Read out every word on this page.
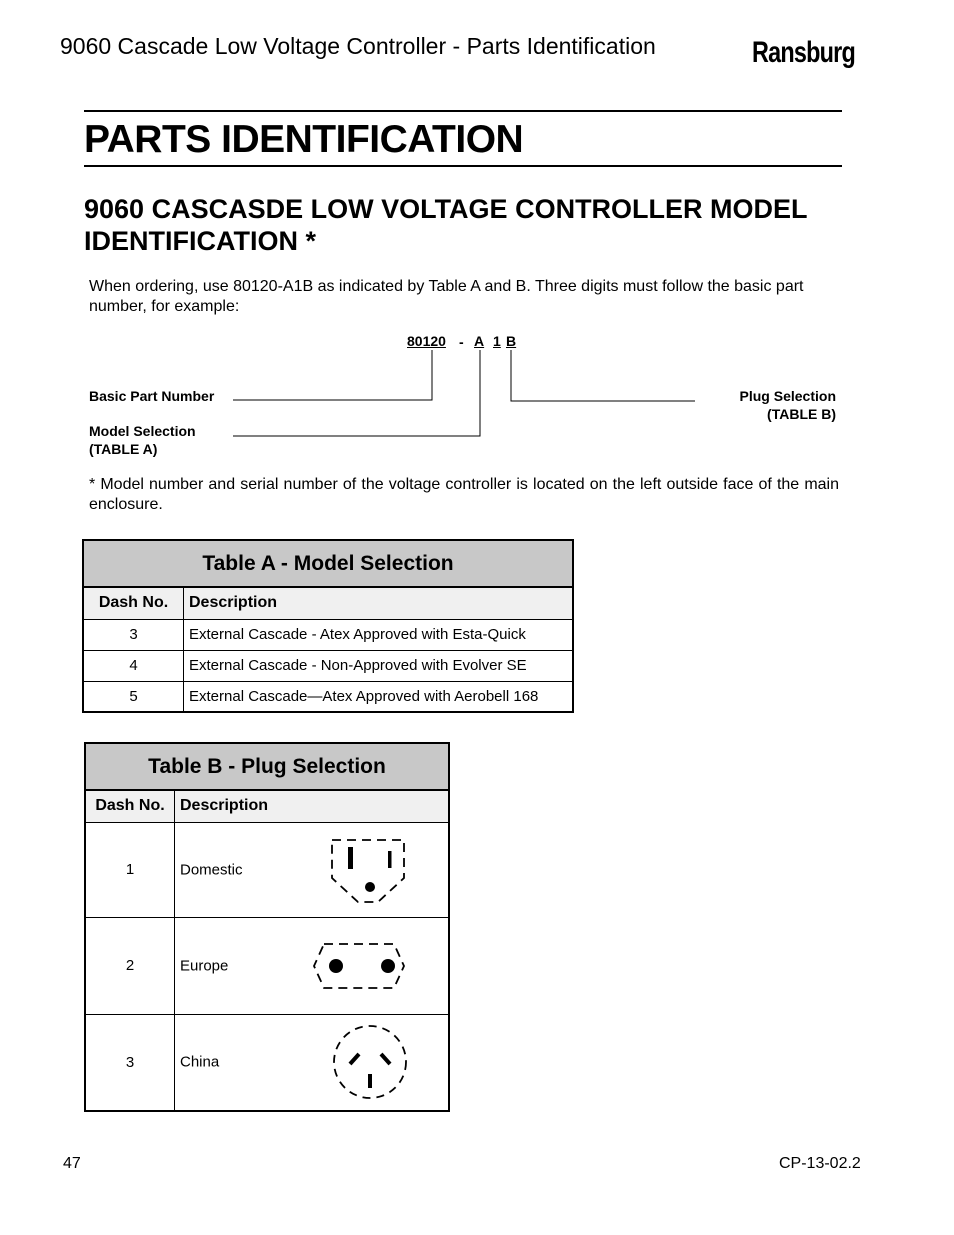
9060 Cascade Low Voltage Controller - Parts Identification	Ransburg
PARTS IDENTIFICATION
9060 CASCASDE LOW VOLTAGE CONTROLLER MODEL IDENTIFICATION *
When ordering, use 80120-A1B as indicated by Table A and B. Three digits must follow the basic part number, for example:
80120 - A 1 B
Basic Part Number
Model Selection
(TABLE A)
Plug Selection
(TABLE B)
* Model number and serial number of the voltage controller is located on the left outside face of the main enclosure.
Table A - Model Selection	
Dash No.	Description
3	External Cascade - Atex Approved with Esta-Quick
4	External Cascade - Non-Approved with Evolver SE
5	External Cascade—Atex Approved with Aerobell 168
Table B - Plug Selection	
Dash No.	Description
1	Domestic

2	Europe

3	China
47	CP-13-02.2
